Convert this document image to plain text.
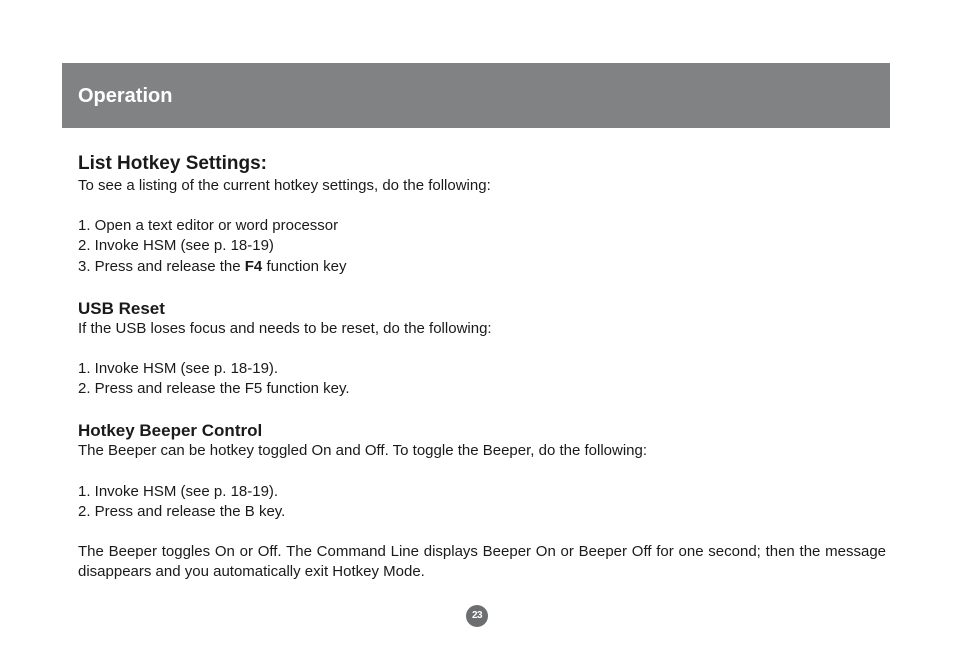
Operation
List Hotkey Settings:

To see a listing of the current hotkey settings, do the following:

1. Open a text editor or word processor

2. Invoke HSM (see p. 18-19)

3. Press and release the F4 function key

USB Reset

If the USB loses focus and needs to be reset, do the following:

1. Invoke HSM (see p. 18-19).

2. Press and release the F5 function key.

Hotkey Beeper Control

The Beeper can be hotkey toggled On and Off. To toggle the Beeper, do the following:

1. Invoke HSM (see p. 18-19).

2. Press and release the B key.

The Beeper toggles On or Off. The Command Line displays Beeper On or Beeper Off for one second; then the message disappears and you automatically exit Hotkey Mode.

23
